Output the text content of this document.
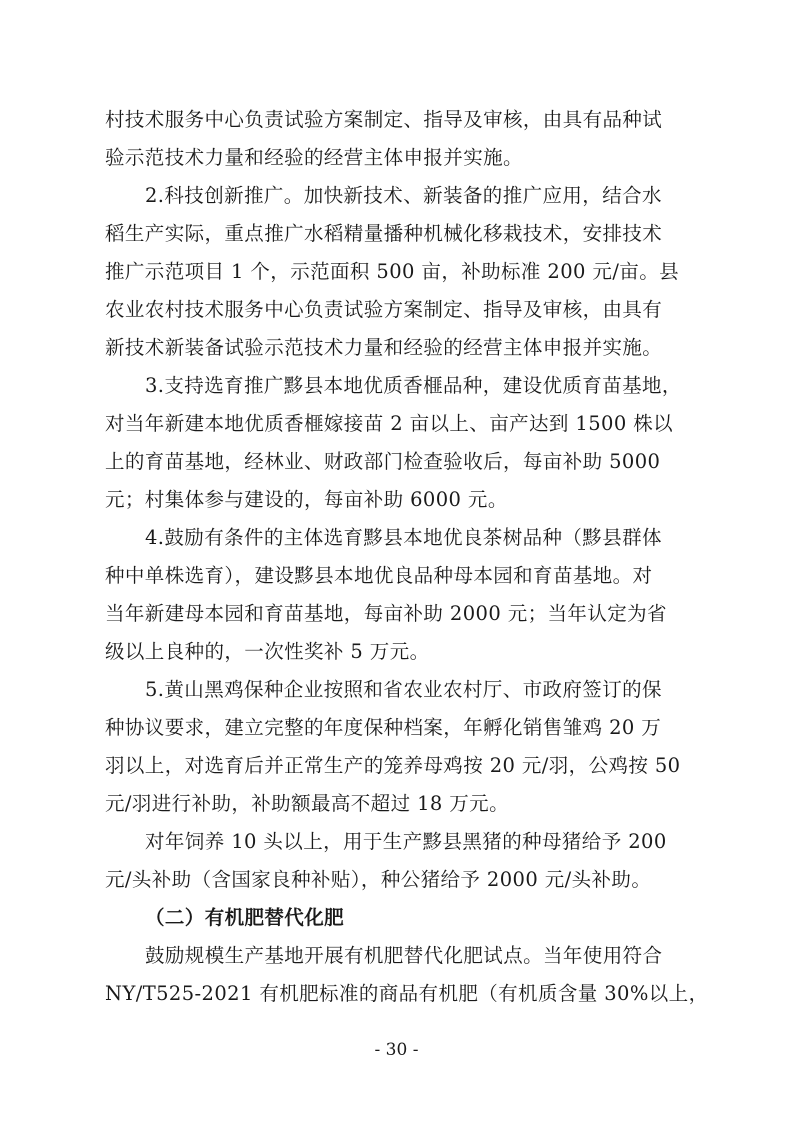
村技术服务中心负责试验方案制定、指导及审核，由具有品种试
验示范技术力量和经验的经营主体申报并实施。
2.科技创新推广。加快新技术、新装备的推广应用，结合水
稻生产实际，重点推广水稻精量播种机械化移栽技术，安排技术
推广示范项目 1 个，示范面积 500 亩，补助标准 200 元/亩。县
农业农村技术服务中心负责试验方案制定、指导及审核，由具有
新技术新装备试验示范技术力量和经验的经营主体申报并实施。
3.支持选育推广黟县本地优质香榧品种，建设优质育苗基地，
对当年新建本地优质香榧嫁接苗 2 亩以上、亩产达到 1500 株以
上的育苗基地，经林业、财政部门检查验收后，每亩补助 5000
元；村集体参与建设的，每亩补助 6000 元。
4.鼓励有条件的主体选育黟县本地优良茶树品种（黟县群体
种中单株选育），建设黟县本地优良品种母本园和育苗基地。对
当年新建母本园和育苗基地，每亩补助 2000 元；当年认定为省
级以上良种的，一次性奖补 5 万元。
5.黄山黑鸡保种企业按照和省农业农村厅、市政府签订的保
种协议要求，建立完整的年度保种档案，年孵化销售雏鸡 20 万
羽以上，对选育后并正常生产的笼养母鸡按 20 元/羽，公鸡按 50
元/羽进行补助，补助额最高不超过 18 万元。
对年饲养 10 头以上，用于生产黟县黑猪的种母猪给予 200
元/头补助（含国家良种补贴），种公猪给予 2000 元/头补助。
（二）有机肥替代化肥
鼓励规模生产基地开展有机肥替代化肥试点。当年使用符合
NY/T525-2021 有机肥标准的商品有机肥（有机质含量 30%以上，
- 30 -
